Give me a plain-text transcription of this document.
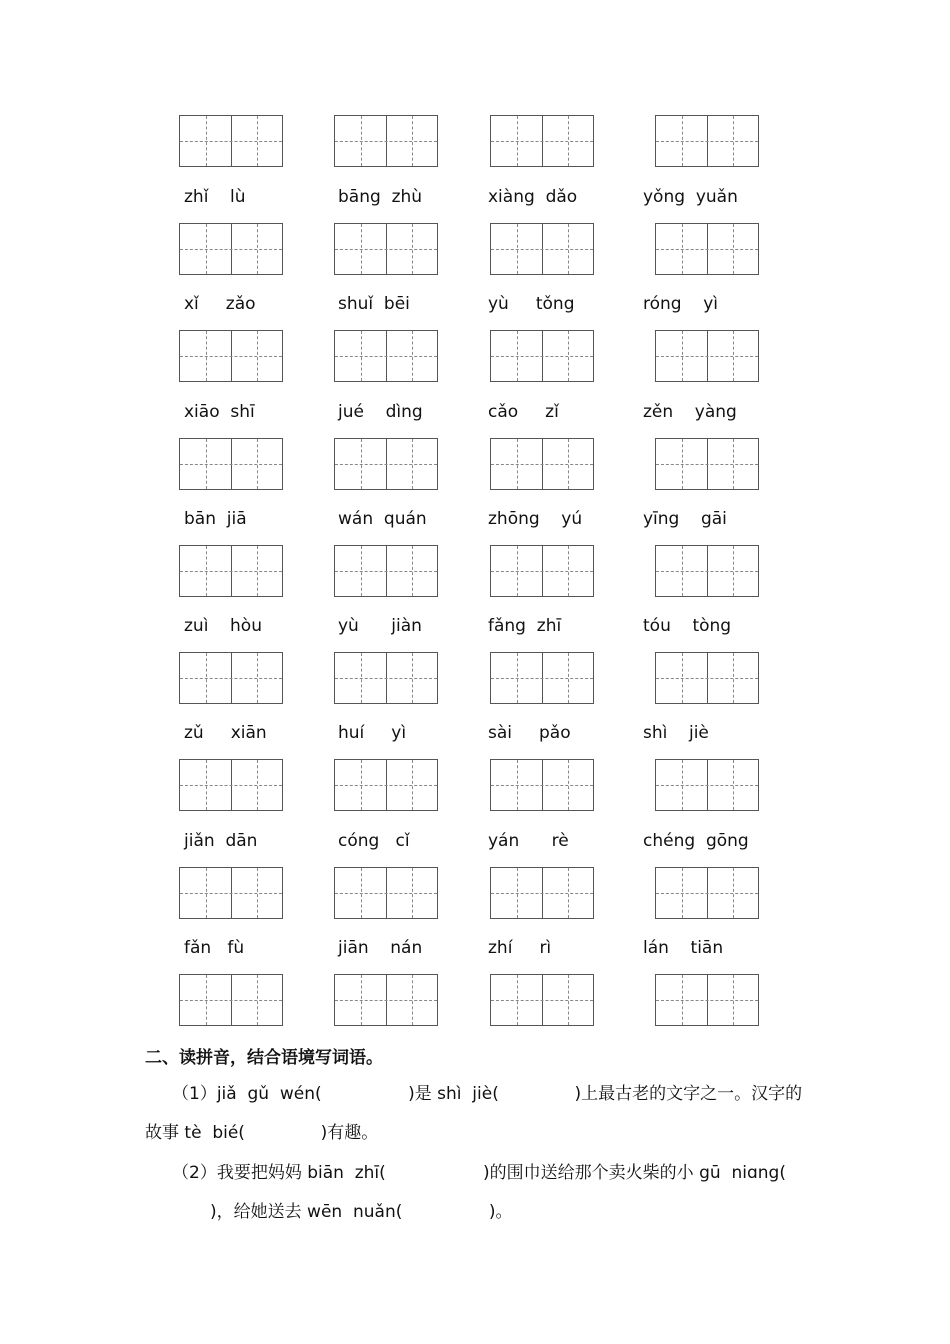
zhǐ    lù	bāng  zhù	xiàng  dǎo	yǒng  yuǎn
xǐ     zǎo	shuǐ  bēi	yù     tǒng	róng    yì
xiāo  shī	jué    dìng	cǎo     zǐ	zěn    yàng
bān  jiā	wán  quán	zhōng    yú	yīng    gāi
zuì    hòu	yù      jiàn	fǎng  zhī	tóu    tòng
zǔ     xiān	huí     yì	sài     pǎo	shì    jiè
jiǎn  dān	cóng   cǐ	yán      rè	chéng  gōng
fǎn   fù	jiān    nán	zhí     rì	lán    tiān
二、读拼音，结合语境写词语。
（1）jiǎ  gǔ  wén(                )是 shì  jiè(              )上最古老的文字之一。汉字的
故事 tè  bié(              )有趣。
（2）我要把妈妈 biān  zhī(                  )的围巾送给那个卖火柴的小 gū  niɑng(
)，给她送去 wēn  nuǎn(                )。
